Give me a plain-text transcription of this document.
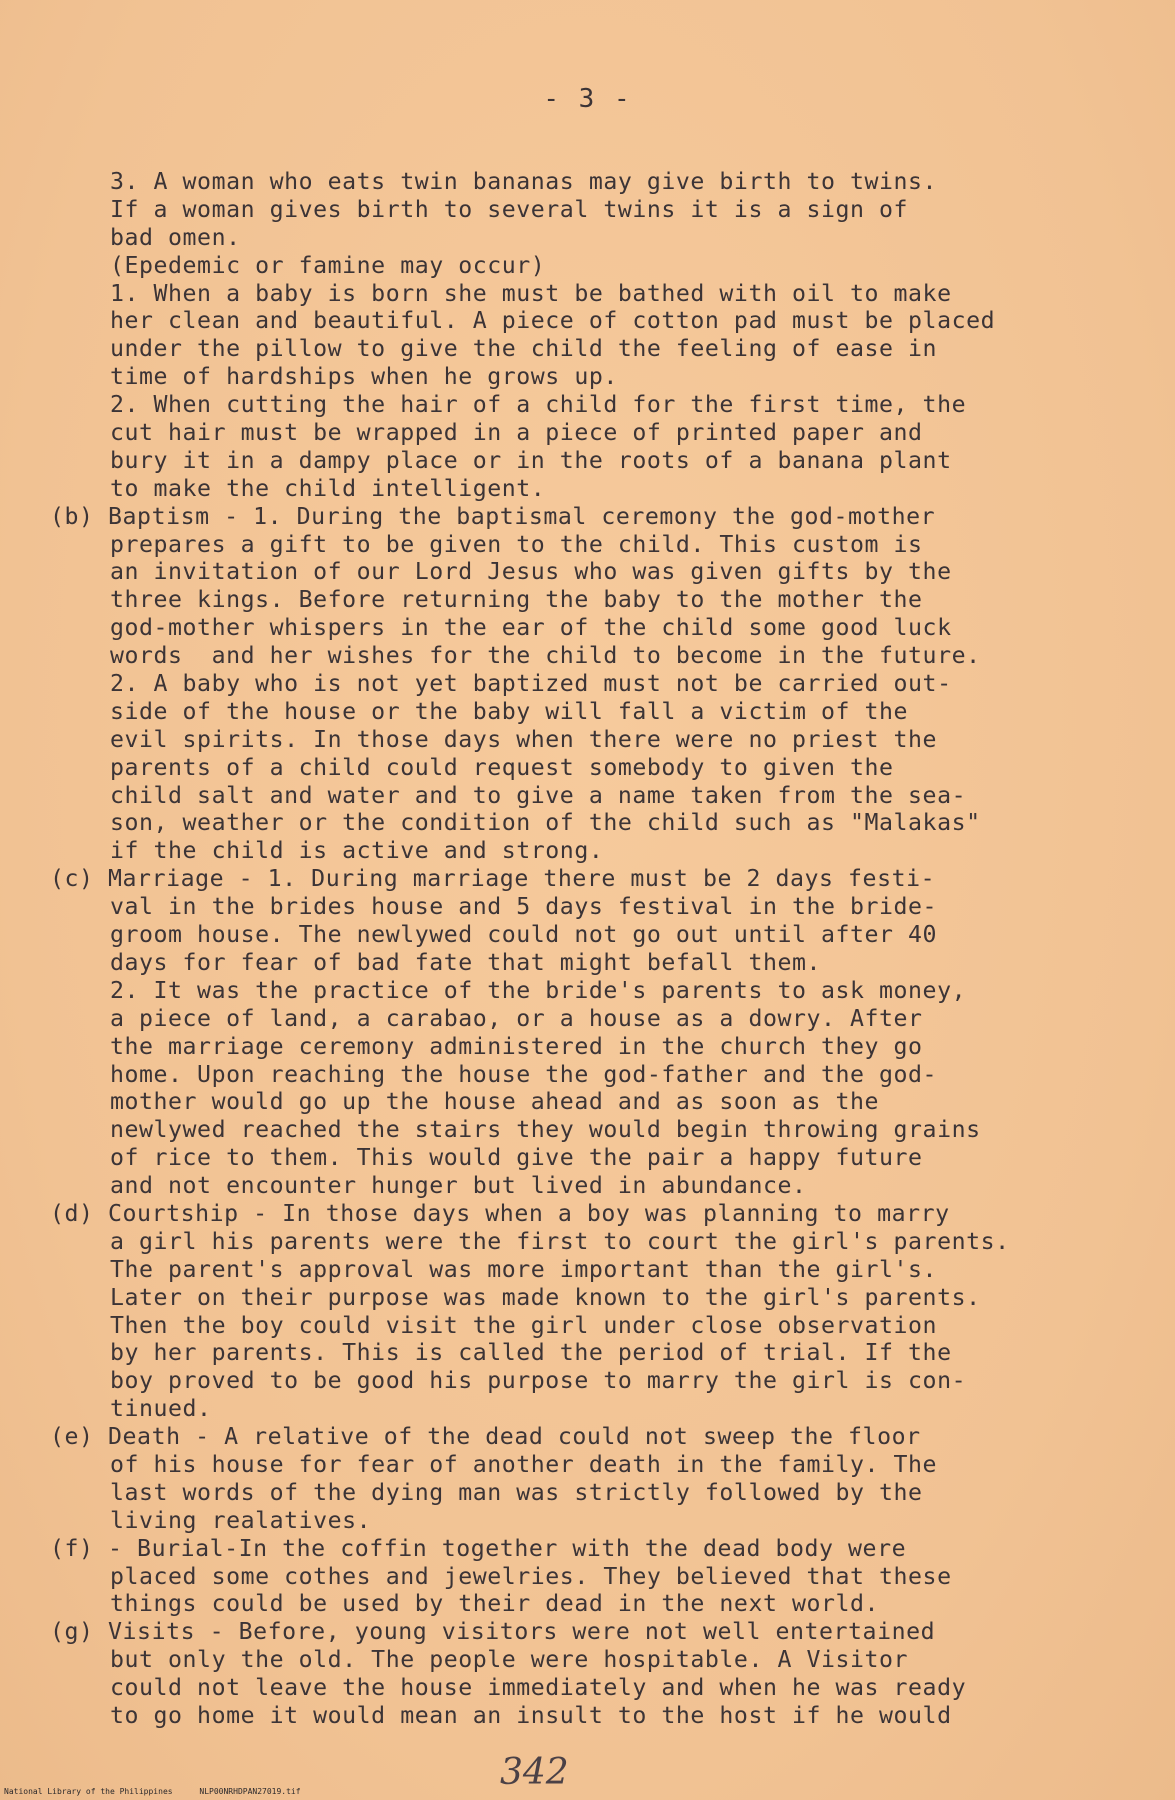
- 3 -
3. A woman who eats twin bananas may give birth to twins.
If a woman gives birth to several twins it is a sign of
bad omen.
(Epedemic or famine may occur)
1. When a baby is born she must be bathed with oil to make
her clean and beautiful. A piece of cotton pad must be placed
under the pillow to give the child the feeling of ease in
time of hardships when he grows up.
2. When cutting the hair of a child for the first time, the
cut hair must be wrapped in a piece of printed paper and
bury it in a dampy place or in the roots of a banana plant
to make the child intelligent.
(b) Baptism - 1. During the baptismal ceremony the god-mother
prepares a gift to be given to the child. This custom is
an invitation of our Lord Jesus who was given gifts by the
three kings. Before returning the baby to the mother the
god-mother whispers in the ear of the child some good luck
words  and her wishes for the child to become in the future.
2. A baby who is not yet baptized must not be carried out-
side of the house or the baby will fall a victim of the
evil spirits. In those days when there were no priest the
parents of a child could request somebody to given the
child salt and water and to give a name taken from the sea-
son, weather or the condition of the child such as "Malakas"
if the child is active and strong.
(c) Marriage - 1. During marriage there must be 2 days festi-
val in the brides house and 5 days festival in the bride-
groom house. The newlywed could not go out until after 40
days for fear of bad fate that might befall them.
2. It was the practice of the bride's parents to ask money,
a piece of land, a carabao, or a house as a dowry. After
the marriage ceremony administered in the church they go
home. Upon reaching the house the god-father and the god-
mother would go up the house ahead and as soon as the
newlywed reached the stairs they would begin throwing grains
of rice to them. This would give the pair a happy future
and not encounter hunger but lived in abundance.
(d) Courtship - In those days when a boy was planning to marry
a girl his parents were the first to court the girl's parents.
The parent's approval was more important than the girl's.
Later on their purpose was made known to the girl's parents.
Then the boy could visit the girl under close observation
by her parents. This is called the period of trial. If the
boy proved to be good his purpose to marry the girl is con-
tinued.
(e) Death - A relative of the dead could not sweep the floor
of his house for fear of another death in the family. The
last words of the dying man was strictly followed by the
living realatives.
(f) - Burial-In the coffin together with the dead body were
placed some cothes and jewelries. They believed that these
things could be used by their dead in the next world.
(g) Visits - Before, young visitors were not well entertained
but only the old. The people were hospitable. A Visitor
could not leave the house immediately and when he was ready
to go home it would mean an insult to the host if he would
342
National Library of the Philippines	NLP00NRHDPAN27019.tif
